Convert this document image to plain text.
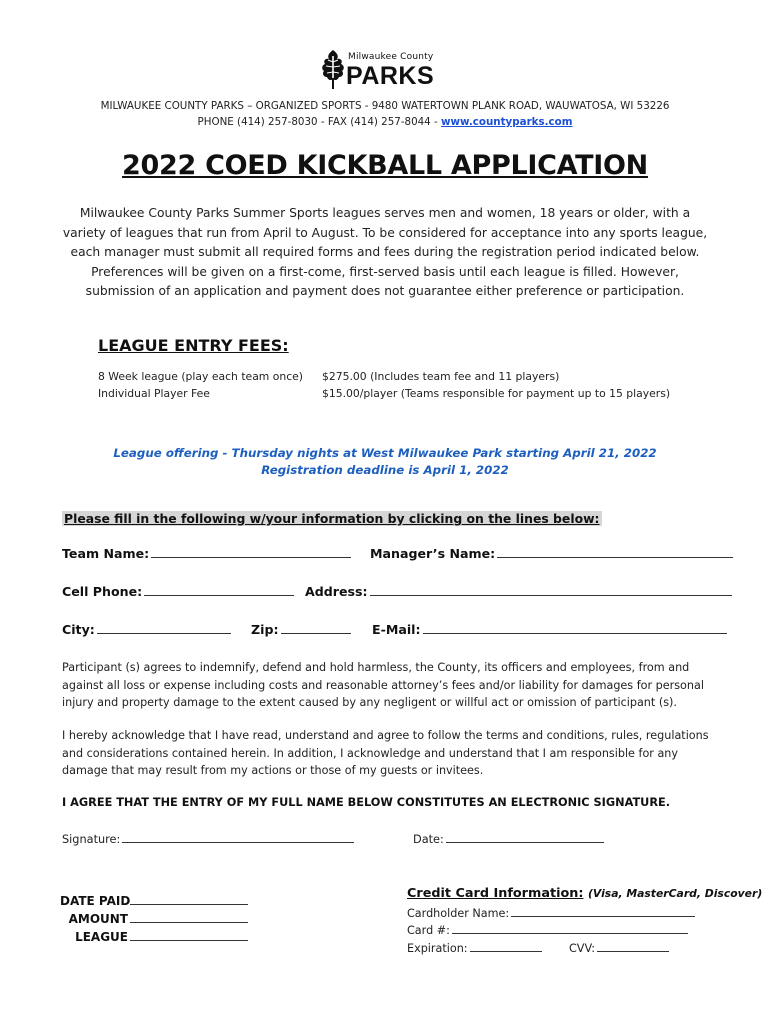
Milwaukee County
PARKS
MILWAUKEE COUNTY PARKS – ORGANIZED SPORTS - 9480 WATERTOWN PLANK ROAD, WAUWATOSA, WI 53226
PHONE (414) 257-8030 - FAX (414) 257-8044 - www.countyparks.com
2022 COED KICKBALL APPLICATION
Milwaukee County Parks Summer Sports leagues serves men and women, 18 years or older, with a variety of leagues that run from April to August. To be considered for acceptance into any sports league, each manager must submit all required forms and fees during the registration period indicated below. Preferences will be given on a first-come, first-served basis until each league is filled. However, submission of an application and payment does not guarantee either preference or participation.
LEAGUE ENTRY FEES:
8 Week league (play each team once) $275.00 (Includes team fee and 11 players)
Individual Player Fee	$15.00/player (Teams responsible for payment up to 15 players)
League offering - Thursday nights at West Milwaukee Park starting April 21, 2022
Registration deadline is April 1, 2022
Please fill in the following w/your information by clicking on the lines below:
Team Name:	Manager’s Name:
Cell Phone:	Address:
City:	Zip:	E-Mail:
Participant (s) agrees to indemnify, defend and hold harmless, the County, its officers and employees, from and against all loss or expense including costs and reasonable attorney’s fees and/or liability for damages for personal injury and property damage to the extent caused by any negligent or willful act or omission of participant (s).
I hereby acknowledge that I have read, understand and agree to follow the terms and conditions, rules, regulations and considerations contained herein. In addition, I acknowledge and understand that I am responsible for any damage that may result from my actions or those of my guests or invitees.
I AGREE THAT THE ENTRY OF MY FULL NAME BELOW CONSTITUTES AN ELECTRONIC SIGNATURE.
Signature:	Date:
DATE PAID
AMOUNT
LEAGUE
Credit Card Information: (Visa, MasterCard, Discover)
Cardholder Name:
Card #:
Expiration:	CVV:
